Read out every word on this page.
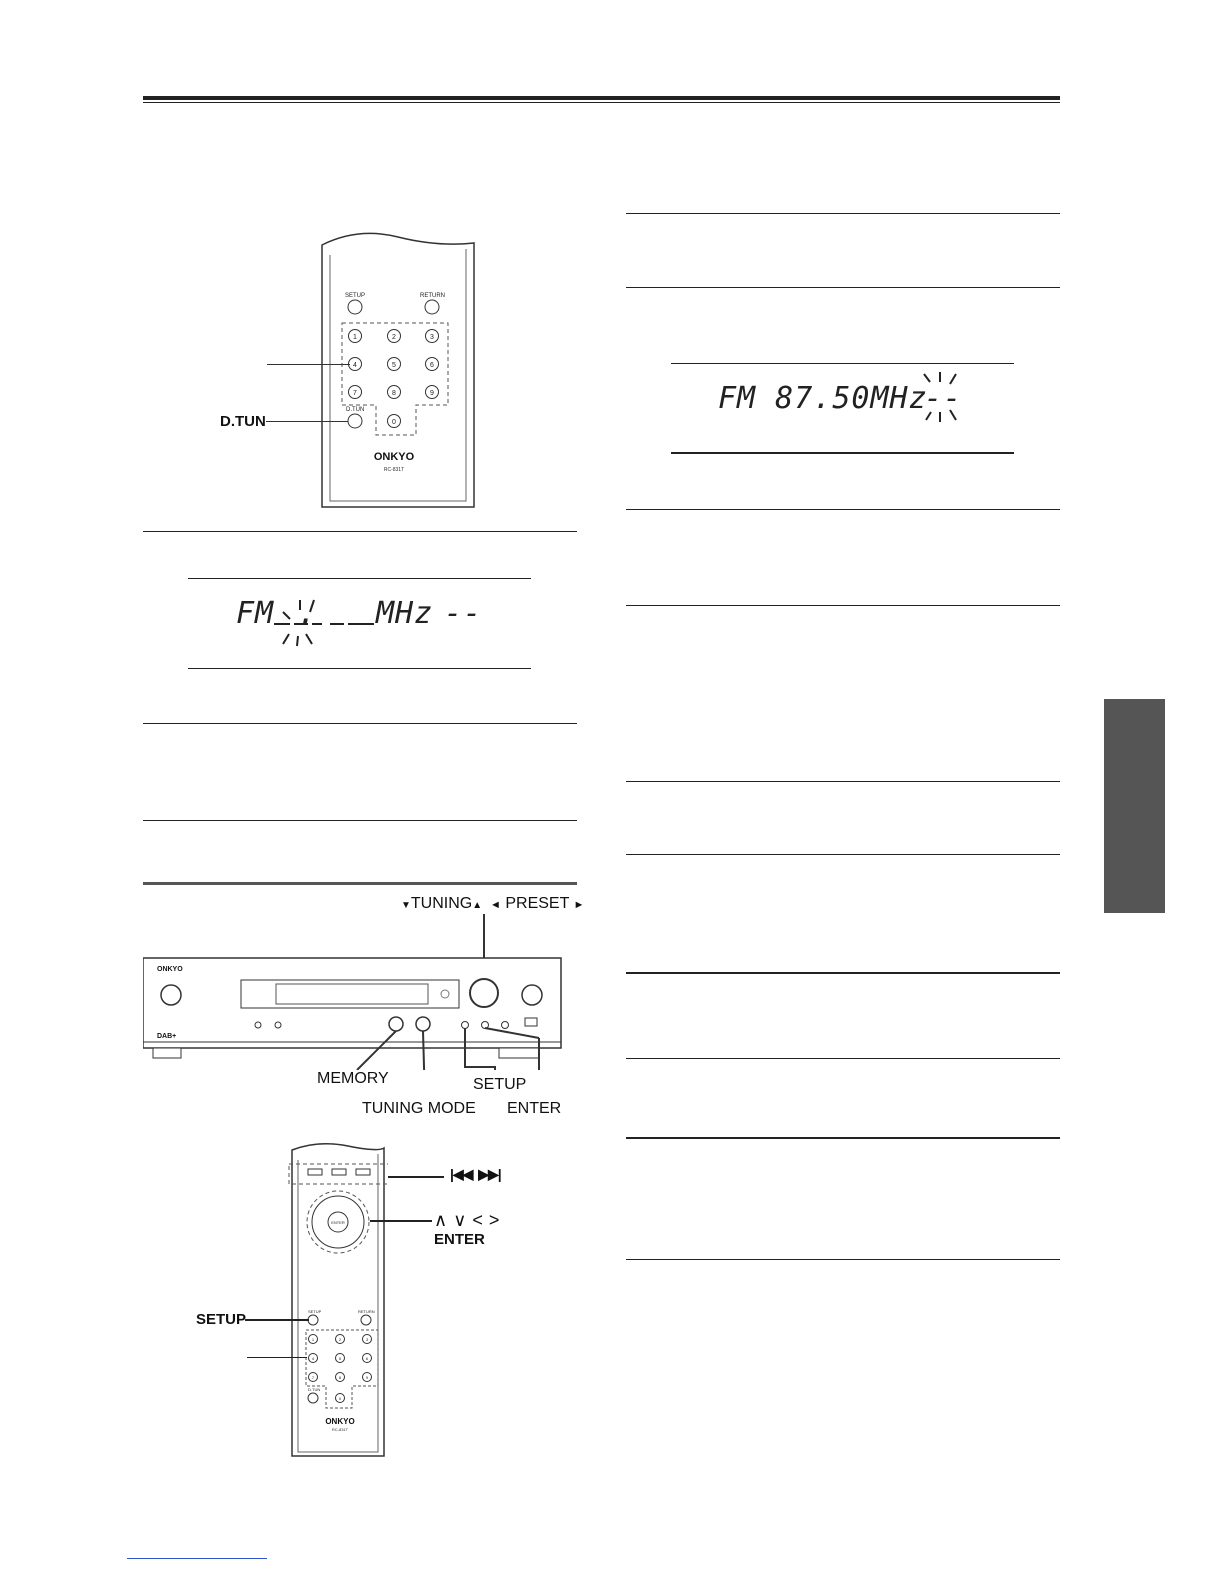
SETUP	RETURN
1	2	3
4	5	6
7	8	9
0
D.TUN
ONKYO
RC-831T
D.TUN
FM . MHz --
▼TUNING▲ ◄ PRESET ►
ONKYO
DAB+
MEMORY	SETUP
TUNING MODE ENTER
ENTER
SETUP	RETURN
1	2	3
4	5	6
7	8	9
0
D.TUN
ONKYO
RC-831T
|◀◀ ▶▶|
∧∨<>
ENTER
SETUP
FM 87.50MHz
--
